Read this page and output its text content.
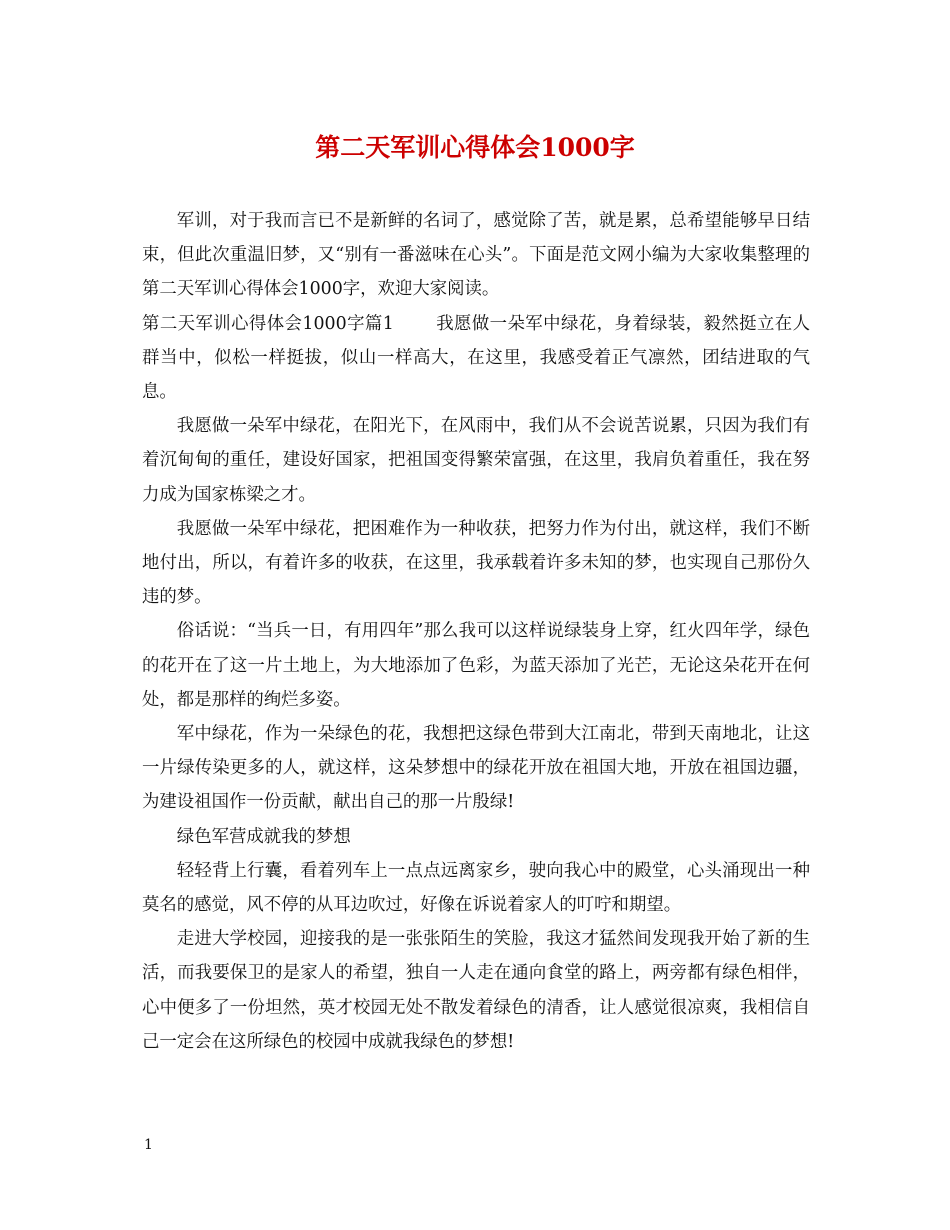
第二天军训心得体会1000字

军训，对于我而言已不是新鲜的名词了，感觉除了苦，就是累，总希望能够早日结束，但此次重温旧梦，又“别有一番滋味在心头”。下面是范文网小编为大家收集整理的第二天军训心得体会1000字，欢迎大家阅读。

第二天军训心得体会1000字篇1 我愿做一朵军中绿花，身着绿装，毅然挺立在人群当中，似松一样挺拔，似山一样高大，在这里，我感受着正气凛然，团结进取的气息。

我愿做一朵军中绿花，在阳光下，在风雨中，我们从不会说苦说累，只因为我们有着沉甸甸的重任，建设好国家，把祖国变得繁荣富强，在这里，我肩负着重任，我在努力成为国家栋梁之才。

我愿做一朵军中绿花，把困难作为一种收获，把努力作为付出，就这样，我们不断地付出，所以，有着许多的收获，在这里，我承载着许多未知的梦，也实现自己那份久违的梦。

俗话说：“当兵一日，有用四年”那么我可以这样说绿装身上穿，红火四年学，绿色的花开在了这一片土地上，为大地添加了色彩，为蓝天添加了光芒，无论这朵花开在何处，都是那样的绚烂多姿。

军中绿花，作为一朵绿色的花，我想把这绿色带到大江南北，带到天南地北，让这一片绿传染更多的人，就这样，这朵梦想中的绿花开放在祖国大地，开放在祖国边疆，为建设祖国作一份贡献，献出自己的那一片殷绿!

绿色军营成就我的梦想

轻轻背上行囊，看着列车上一点点远离家乡，驶向我心中的殿堂，心头涌现出一种莫名的感觉，风不停的从耳边吹过，好像在诉说着家人的叮咛和期望。

走进大学校园，迎接我的是一张张陌生的笑脸，我这才猛然间发现我开始了新的生活，而我要保卫的是家人的希望，独自一人走在通向食堂的路上，两旁都有绿色相伴，心中便多了一份坦然，英才校园无处不散发着绿色的清香，让人感觉很凉爽，我相信自己一定会在这所绿色的校园中成就我绿色的梦想!

1
